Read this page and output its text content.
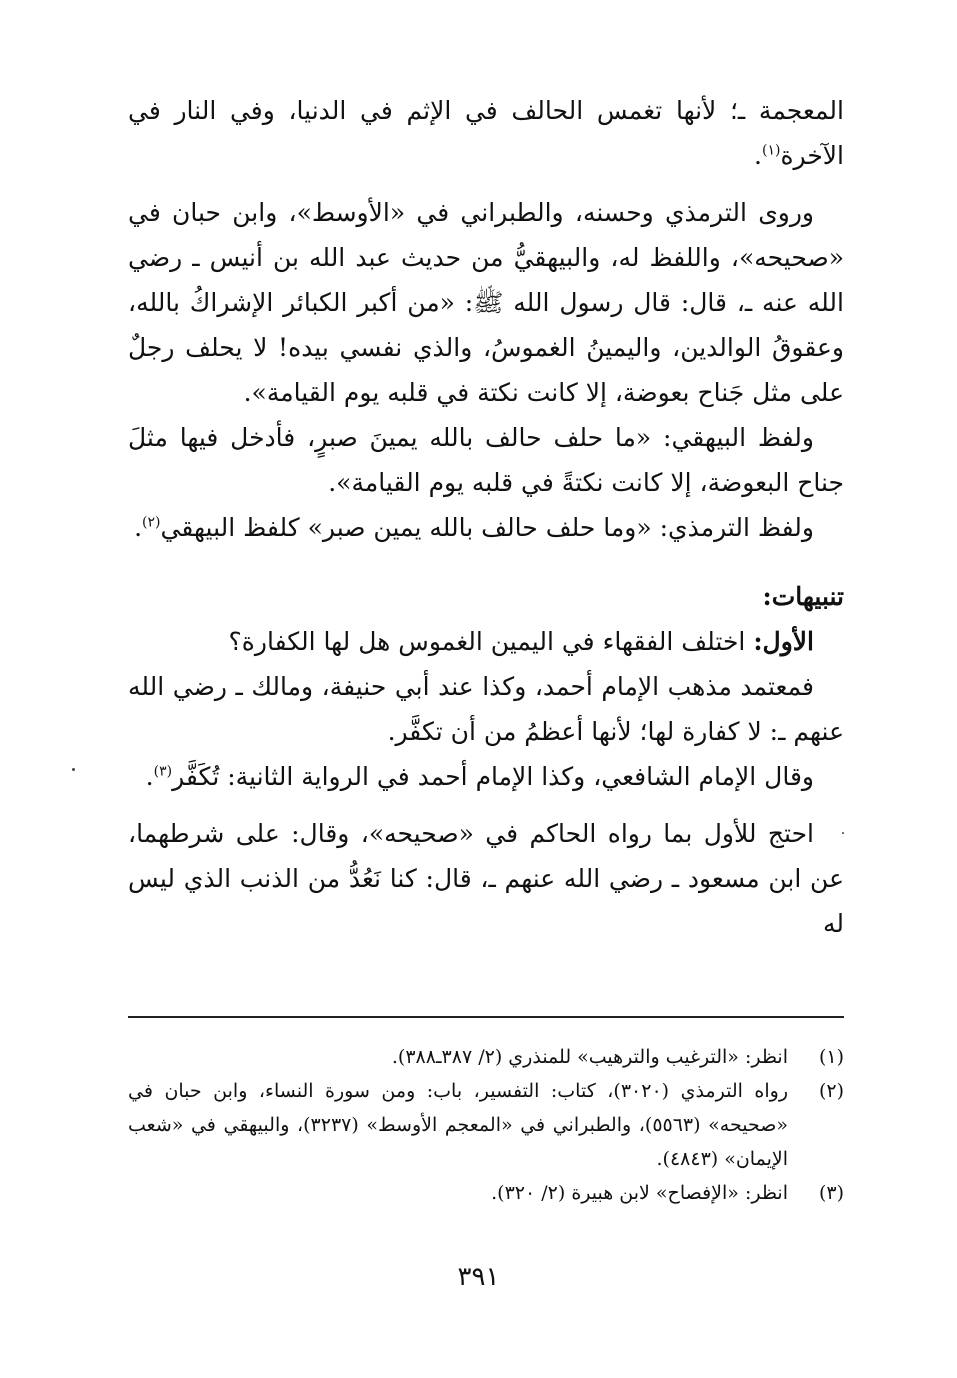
المعجمة ـ؛ لأنها تغمس الحالف في الإثم في الدنيا، وفي النار في الآخرة$^{(١)}$.

وروى الترمذي وحسنه، والطبراني في «الأوسط»، وابن حبان في «صحيحه»، واللفظ له، والبيهقيُّ من حديث عبد الله بن أنيس ـ رضي الله عنه ـ، قال: قال رسول الله ﷺ: «من أكبر الكبائر الإشراكُ بالله، وعقوقُ الوالدين، واليمينُ الغموسُ، والذي نفسي بيده! لا يحلف رجلٌ على مثل جَناح بعوضة، إلا كانت نكتة في قلبه يوم القيامة».

ولفظ البيهقي: «ما حلف حالف بالله يمينَ صبرٍ، فأدخل فيها مثلَ جناح البعوضة، إلا كانت نكتةً في قلبه يوم القيامة».

ولفظ الترمذي: «وما حلف حالف بالله يمين صبر» كلفظ البيهقي$^{(٢)}$.

تنبيهات:

الأول: اختلف الفقهاء في اليمين الغموس هل لها الكفارة؟

فمعتمد مذهب الإمام أحمد، وكذا عند أبي حنيفة، ومالك ـ رضي الله عنهم ـ: لا كفارة لها؛ لأنها أعظمُ من أن تكفَّر.

وقال الإمام الشافعي، وكذا الإمام أحمد في الرواية الثانية: تُكَفَّر$^{(٣)}$.

احتج للأول بما رواه الحاكم في «صحيحه»، وقال: على شرطهما، عن ابن مسعود ـ رضي الله عنهم ـ، قال: كنا نَعُدُّ من الذنب الذي ليس له

(١)
انظر: «الترغيب والترهيب» للمنذري (٢/ ٣٨٧ـ٣٨٨).
(٢)
رواه الترمذي (٣٠٢٠)، كتاب: التفسير، باب: ومن سورة النساء، وابن حبان في «صحيحه» (٥٥٦٣)، والطبراني في «المعجم الأوسط» (٣٢٣٧)، والبيهقي في «شعب الإيمان» (٤٨٤٣).
(٣)
انظر: «الإفصاح» لابن هبيرة (٢/ ٣٢٠).
٣٩١
